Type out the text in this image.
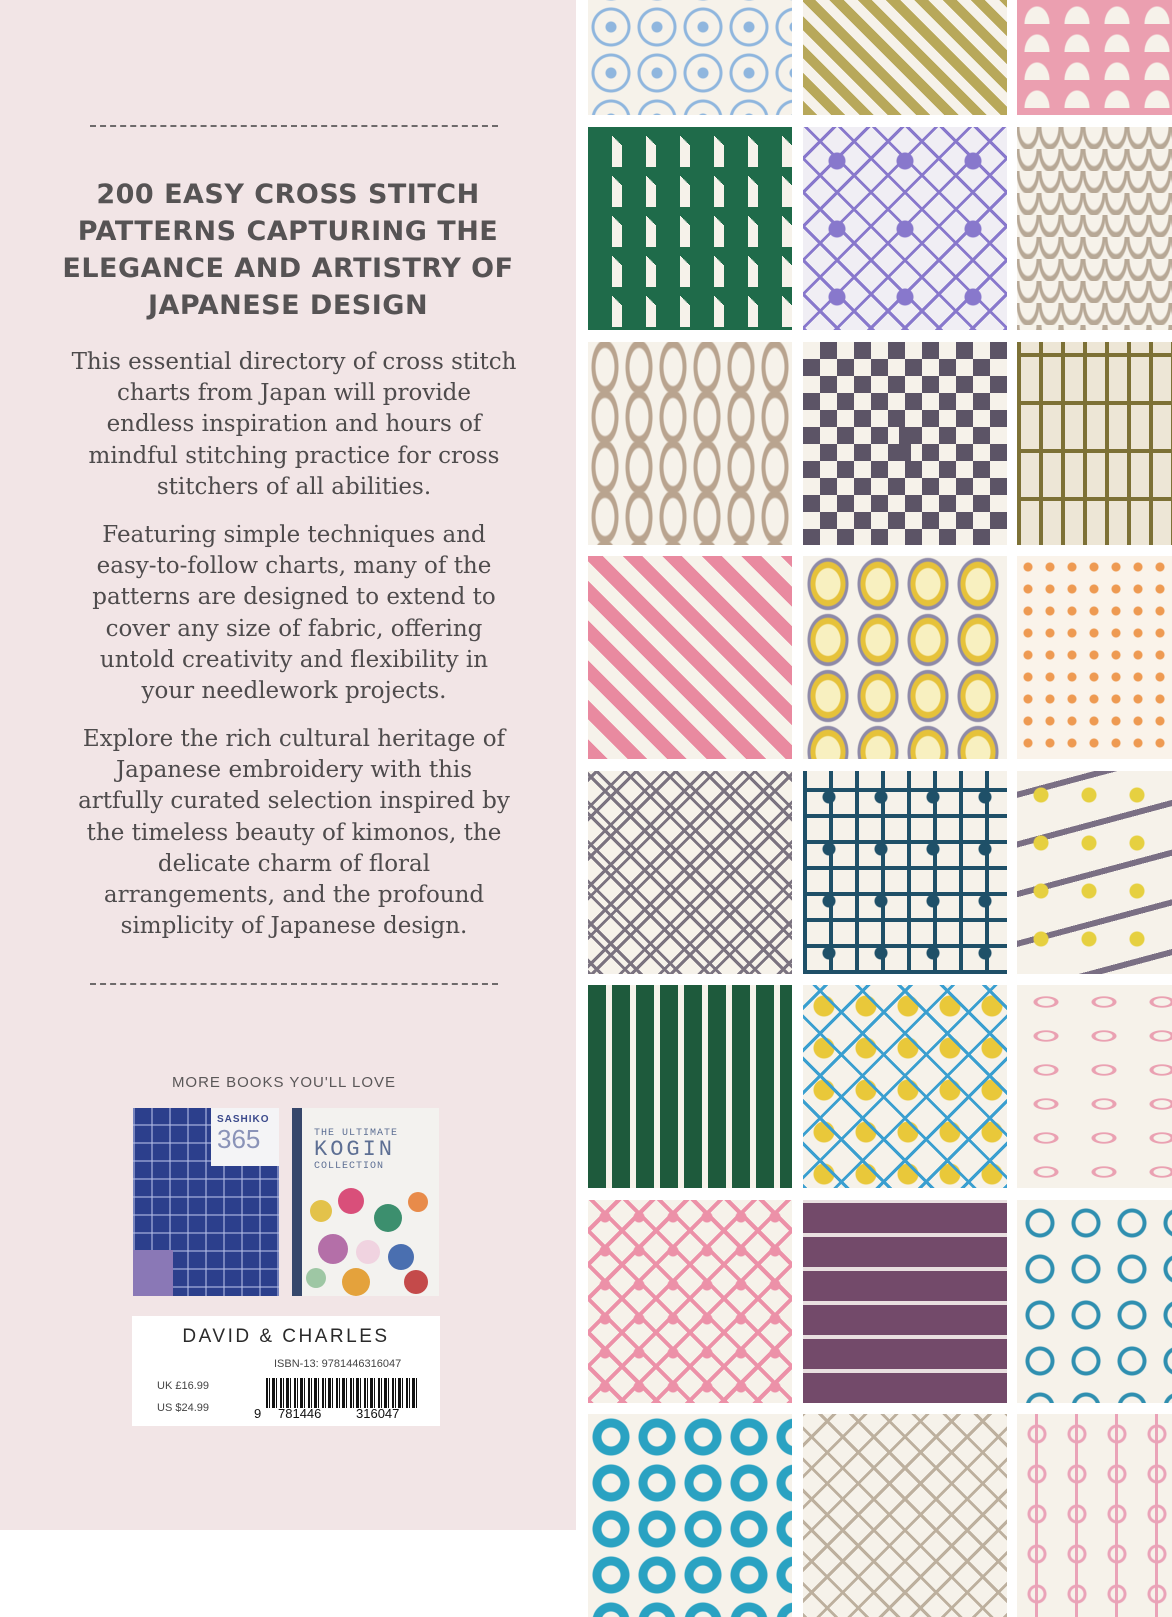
200 EASY CROSS STITCH PATTERNS CAPTURING THE ELEGANCE AND ARTISTRY OF JAPANESE DESIGN

This essential directory of cross stitch charts from Japan will provide endless inspiration and hours of mindful stitching practice for cross stitchers of all abilities.

Featuring simple techniques and easy-to-follow charts, many of the patterns are designed to extend to cover any size of fabric, offering untold creativity and flexibility in your needlework projects.

Explore the rich cultural heritage of Japanese embroidery with this artfully curated selection inspired by the timeless beauty of kimonos, the delicate charm of floral arrangements, and the profound simplicity of Japanese design.

MORE BOOKS YOU'LL LOVE
SASHIKO
365	THE ULTIMATE
KOGIN
COLLECTION
DAVID & CHARLES
ISBN-13: 9781446316047
UK £16.99
US $24.99	9 781446	316047
